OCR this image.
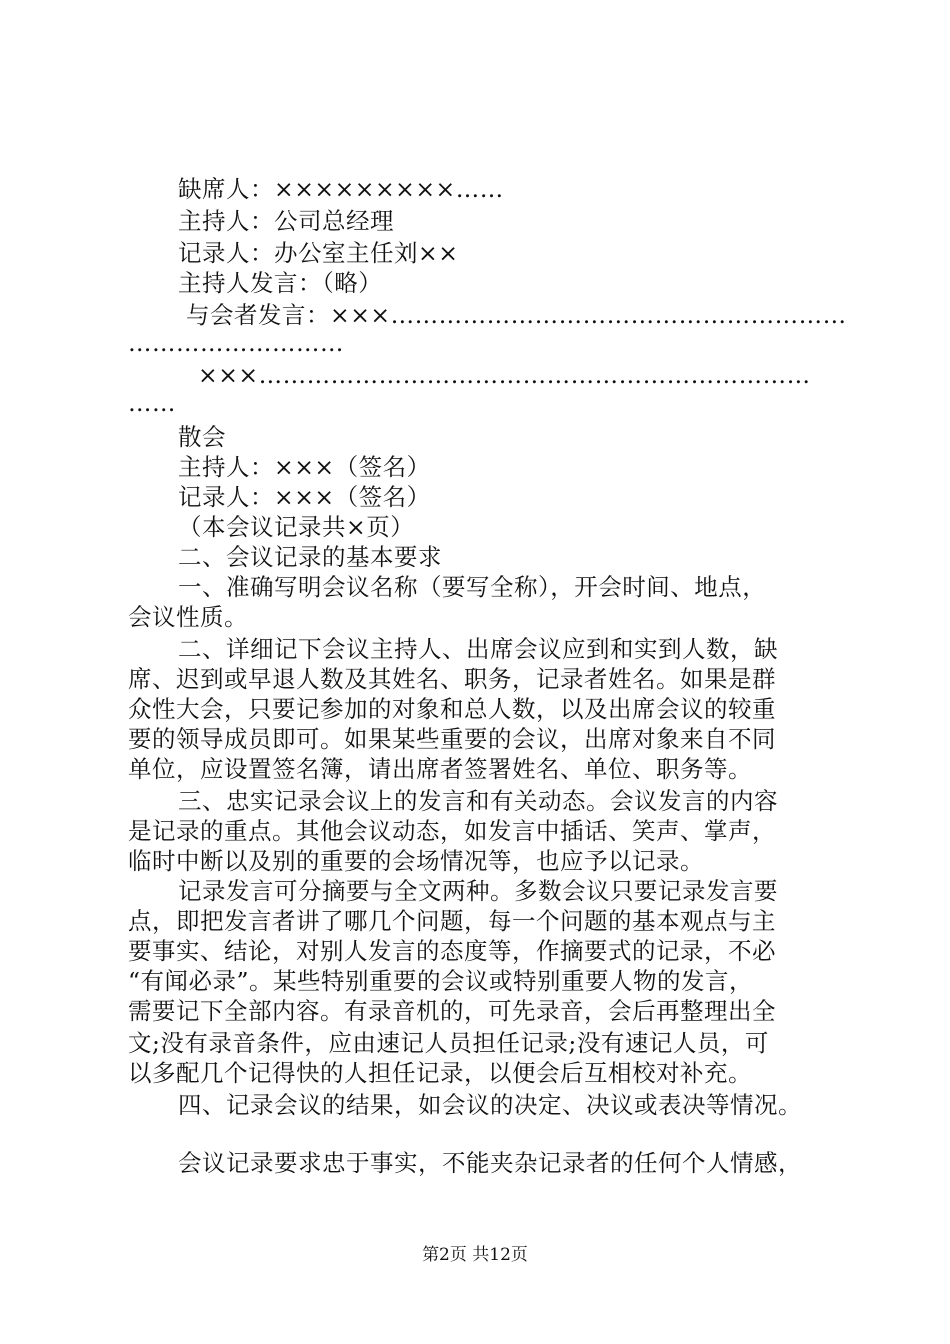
缺席人：×××××××××……
主持人：公司总经理
记录人：办公室主任刘××
主持人发言：（略）
与会者发言：×××…………………………………………………
………………………
×××……………………………………………………………
……
散会
主持人：×××（签名）
记录人：×××（签名）
（本会议记录共×页）
二、会议记录的基本要求
一、准确写明会议名称（要写全称），开会时间、地点，
会议性质。
二、详细记下会议主持人、出席会议应到和实到人数，缺
席、迟到或早退人数及其姓名、职务，记录者姓名。如果是群
众性大会，只要记参加的对象和总人数，以及出席会议的较重
要的领导成员即可。如果某些重要的会议，出席对象来自不同
单位，应设置签名簿，请出席者签署姓名、单位、职务等。
三、忠实记录会议上的发言和有关动态。会议发言的内容
是记录的重点。其他会议动态，如发言中插话、笑声、掌声，
临时中断以及别的重要的会场情况等，也应予以记录。
记录发言可分摘要与全文两种。多数会议只要记录发言要
点，即把发言者讲了哪几个问题，每一个问题的基本观点与主
要事实、结论，对别人发言的态度等，作摘要式的记录，不必
“有闻必录”。某些特别重要的会议或特别重要人物的发言，
需要记下全部内容。有录音机的，可先录音，会后再整理出全
文;没有录音条件，应由速记人员担任记录;没有速记人员，可
以多配几个记得快的人担任记录，以便会后互相校对补充。
四、记录会议的结果，如会议的决定、决议或表决等情况。
会议记录要求忠于事实，不能夹杂记录者的任何个人情感，
第2页 共12页
